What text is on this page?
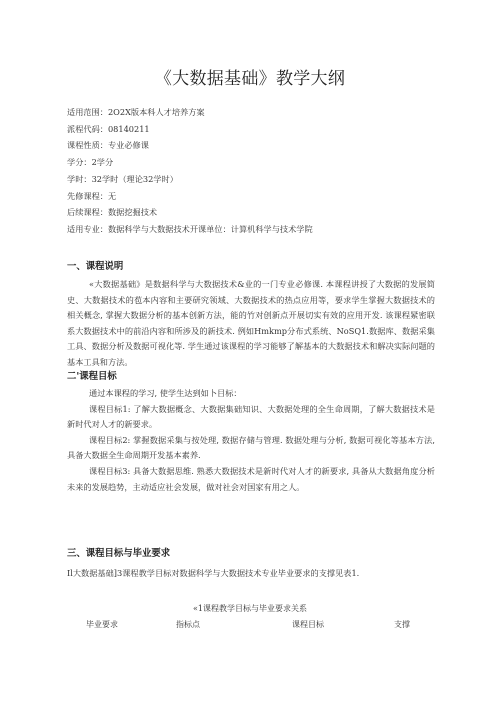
《大数据基础》教学大纲
适用范围：2O2X版本科人才培养方案
派程代码：08140211
课程性质：专业必修课
学分：2学分
学时：32学时（理论32学时）
先修课程：无
后续课程：数据挖掘技术
适用专业：数据科学与大数据技术开课单位：计算机科学与技术学院
一、课程说明

«大数据基础》是数据科学与大数据技术&业的一门专业必修课. 本课程讲授了大数据的发展简史、大数据技术的苞本内容和主要研究领域、大数据技术的热点应用等，要求学生掌握大数据技术的相关概念, 掌握大数据分析的基本创新方法，能的竹对创新点开展切实有效的应用开发. 该课程紧密联系大数据技术中的前沿内容和所涉及的新技术. 例如Hmkmp分布式系统、NoSQ1.数据库、数据采集工具、数据分析及数据可视化等. 学生通过该课程的学习能够了解基本的大数据技术和解决实际问题的基本工具和方法。

二'课程目标

通过本课程的学习, 使学生达到如卜目标：

课程目标1: 了解大数据概念、大数据集础知识、大数据处理的全生命周期，了解大数据技术是新时代对人才的新要求。

课程目标2: 掌握数据采集与按处理, 数据存储与管理. 数据处理与分析, 数据可视化等基本方法, 具备大数据全生命周期开发基本素养.

课程目标3: 具备大数据思维. 熟悉大数据技术是新时代对人才的新要求, 具备从大数据角度分析未来的发展趋势，主动适应社会发展，做对社会对国家有用之人。

三、课程目标与毕业要求

Il大数据基础]3课程教学目标对数据科学与大数据技术专业毕业要求的支撑见表1.

«1课程教学目标与毕业要求关系
毕业要求	指标点	课程目标	支撑
